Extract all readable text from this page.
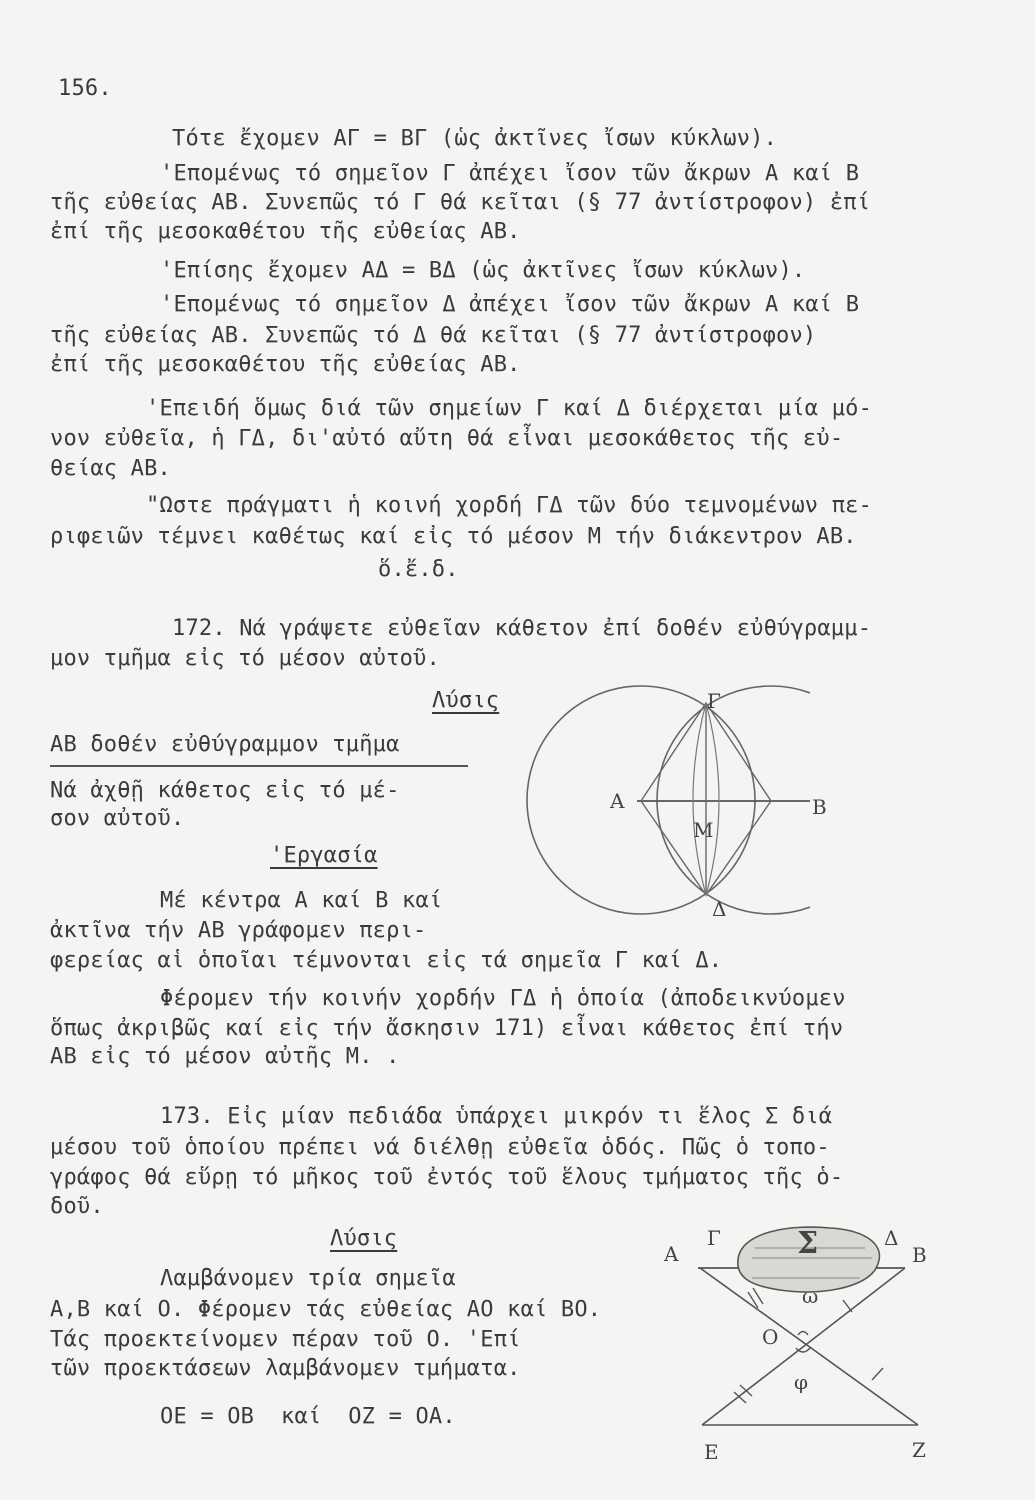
156.
Τότε ἔχομεν ΑΓ = ΒΓ (ὡς ἀκτῖνες ἴσων κύκλων).
'Επομένως τό σημεῖον Γ ἀπέχει ἴσον τῶν ἄκρων Α καί Β
τῆς εὐθείας ΑΒ. Συνεπῶς τό Γ θά κεῖται (§ 77 ἀντίστροφον) ἐπί
ἐπί τῆς μεσοκαθέτου τῆς εὐθείας ΑΒ.
'Επίσης ἔχομεν ΑΔ = ΒΔ (ὡς ἀκτῖνες ἴσων κύκλων).
'Επομένως τό σημεῖον Δ ἀπέχει ἴσον τῶν ἄκρων Α καί Β
τῆς εὐθείας ΑΒ. Συνεπῶς τό Δ θά κεῖται (§ 77 ἀντίστροφον)
ἐπί τῆς μεσοκαθέτου τῆς εὐθείας ΑΒ.
'Επειδή ὅμως διά τῶν σημείων Γ καί Δ διέρχεται μία μό-
νον εὐθεῖα, ἡ ΓΔ, δι'αὐτό αὔτη θά εἶναι μεσοκάθετος τῆς εὐ-
θείας ΑΒ.
"Ωστε πράγματι ἡ κοινή χορδή ΓΔ τῶν δύο τεμνομένων πε-
ριφειῶν τέμνει καθέτως καί εἰς τό μέσον Μ τήν διάκεντρον ΑΒ.
ὅ.ἔ.δ.
172. Νά γράψετε εὐθεῖαν κάθετον ἐπί δοθέν εὐθύγραμμ-
μον τμῆμα εἰς τό μέσον αὐτοῦ.
Λύσις
ΑΒ δοθέν εὐθύγραμμον τμῆμα
Νά ἀχθῇ κάθετος εἰς τό μέ-
σον αὐτοῦ.
'Εργασία
Μέ κέντρα Α καί Β καί
ἀκτῖνα τήν ΑΒ γράφομεν περι-
φερείας αἱ ὁποῖαι τέμνονται εἰς τά σημεῖα Γ καί Δ.
Φέρομεν τήν κοινήν χορδήν ΓΔ ἡ ὁποία (ἀποδεικνύομεν
ὅπως ἀκριβῶς καί εἰς τήν ἄσκησιν 171) εἶναι κάθετος ἐπί τήν
ΑΒ εἰς τό μέσον αὐτῆς Μ. .
173. Εἰς μίαν πεδιάδα ὑπάρχει μικρόν τι ἕλος Σ διά
μέσου τοῦ ὁποίου πρέπει νά διέλθῃ εὐθεῖα ὁδός. Πῶς ὁ τοπο-
γράφος θά εὕρῃ τό μῆκος τοῦ ἐντός τοῦ ἕλους τμήματος τῆς ὁ-
δοῦ.
Λύσις
Λαμβάνομεν τρία σημεῖα
Α,Β καί Ο. Φέρομεν τάς εὐθείας ΑΟ καί ΒΟ.
Τάς προεκτείνομεν πέραν τοῦ Ο. 'Επί
τῶν προεκτάσεων λαμβάνομεν τμήματα.
ΟΕ = ΟΒ  καί  ΟΖ = ΟΑ.
Γ
Α	Β
Μ
Δ
Α
Γ	Σ	Δ
Β
ω
Ο
φ
Ε	Ζ
